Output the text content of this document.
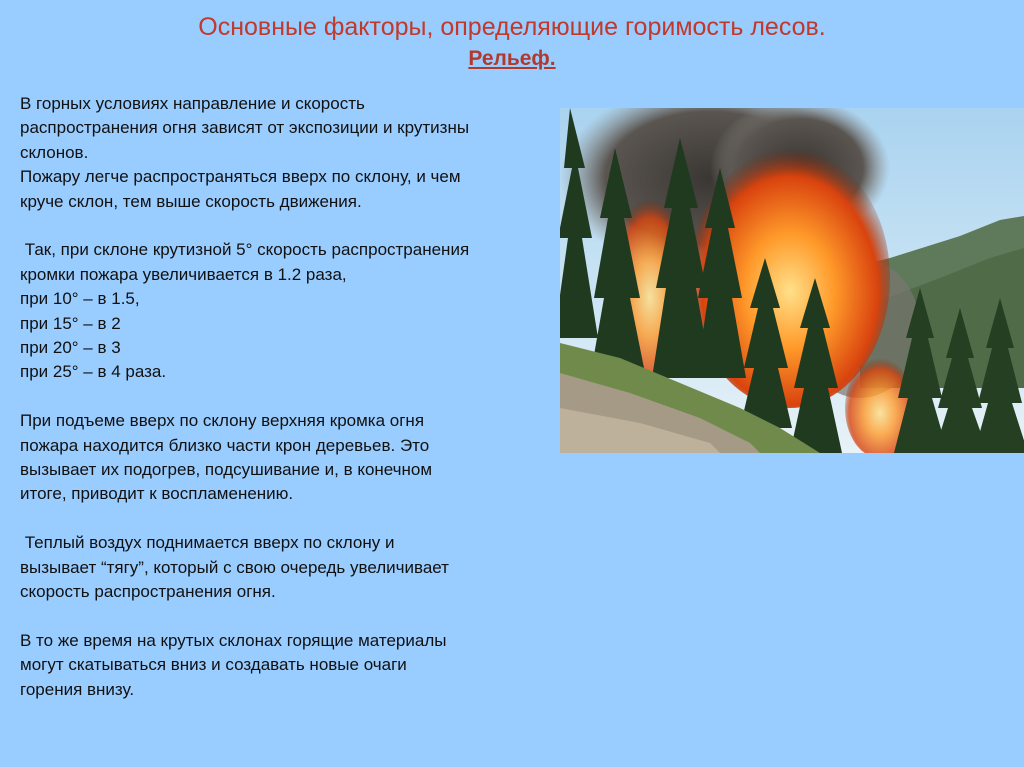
Основные факторы, определяющие горимость лесов.
Рельеф.
В горных условиях направление и скорость
распространения огня зависят от экспозиции и крутизны
склонов.
Пожару легче распространяться вверх по склону, и чем
круче склон, тем выше скорость движения.
Так, при склоне крутизной 5° скорость распространения
кромки пожара увеличивается в 1.2 раза,
при 10° – в 1.5,
при 15° – в 2
при 20° – в 3
при 25° – в 4 раза.
При подъеме вверх по склону верхняя кромка огня
пожара находится близко части крон деревьев. Это
вызывает их подогрев, подсушивание и, в конечном
итоге, приводит к воспламенению.
Теплый воздух поднимается вверх по склону и
вызывает “тягу”, который с свою очередь увеличивает
скорость распространения огня.
В то же время на крутых склонах горящие материалы
могут скатываться вниз и создавать новые очаги
горения внизу.
